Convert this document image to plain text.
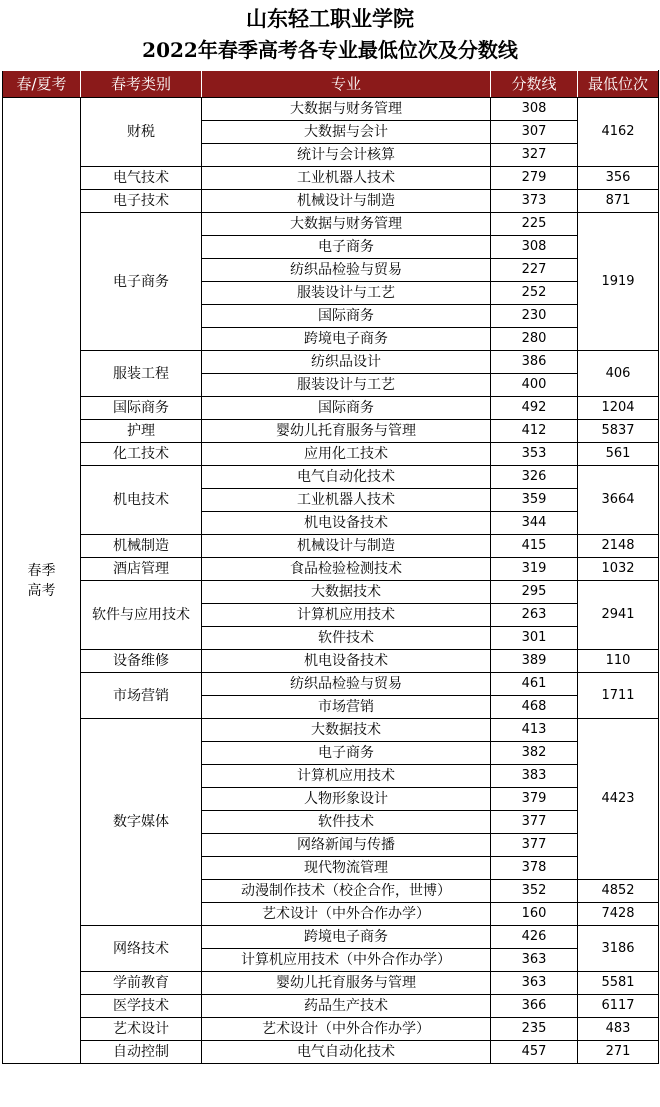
山东轻工职业学院
2022年春季高考各专业最低位次及分数线
春/夏考	春考类别	专业	分数线	最低位次

春季
高考	财税	大数据与财务管理	308	4162
		大数据与会计	307	
		统计与会计核算	327	
	电气技术	工业机器人技术	279	356
	电子技术	机械设计与制造	373	871
	电子商务	大数据与财务管理	225	1919
		电子商务	308	
		纺织品检验与贸易	227	
		服装设计与工艺	252	
		国际商务	230	
		跨境电子商务	280	
	服装工程	纺织品设计	386	406
		服装设计与工艺	400	
	国际商务	国际商务	492	1204
	护理	婴幼儿托育服务与管理	412	5837
	化工技术	应用化工技术	353	561
	机电技术	电气自动化技术	326	3664
		工业机器人技术	359	
		机电设备技术	344	
	机械制造	机械设计与制造	415	2148
	酒店管理	食品检验检测技术	319	1032
	软件与应用技术	大数据技术	295	2941
		计算机应用技术	263	
		软件技术	301	
	设备维修	机电设备技术	389	110
	市场营销	纺织品检验与贸易	461	1711
		市场营销	468	
	数字媒体	大数据技术	413	4423
		电子商务	382	
		计算机应用技术	383	
		人物形象设计	379	
		软件技术	377	
		网络新闻与传播	377	
		现代物流管理	378	
		动漫制作技术（校企合作，世博）	352	4852
		艺术设计（中外合作办学）	160	7428
	网络技术	跨境电子商务	426	3186
		计算机应用技术（中外合作办学）	363	
	学前教育	婴幼儿托育服务与管理	363	5581
	医学技术	药品生产技术	366	6117
	艺术设计	艺术设计（中外合作办学）	235	483
	自动控制	电气自动化技术	457	271
